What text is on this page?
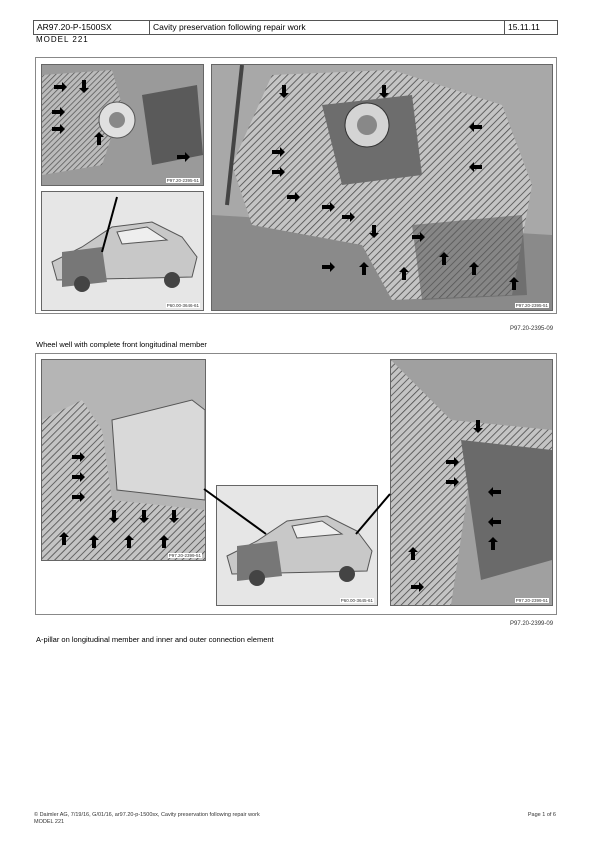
AR97.20-P-1500SX	Cavity preservation following repair work	15.11.11
MODEL 221
P97.20-2395-51
P60.00-3646-61	P97.20-2395-51
P97.20-2395-09
Wheel well with complete front longitudinal member
P97.20-2399-51
P60.00-3645-61	P97.20-2399-51
P97.20-2399-09
A-pillar on longitudinal member and inner and outer connection element
© Daimler AG, 7/19/16, G/01/16, ar97.20-p-1500sx, Cavity preservation following repair work
MODEL 221
Page 1 of 6
